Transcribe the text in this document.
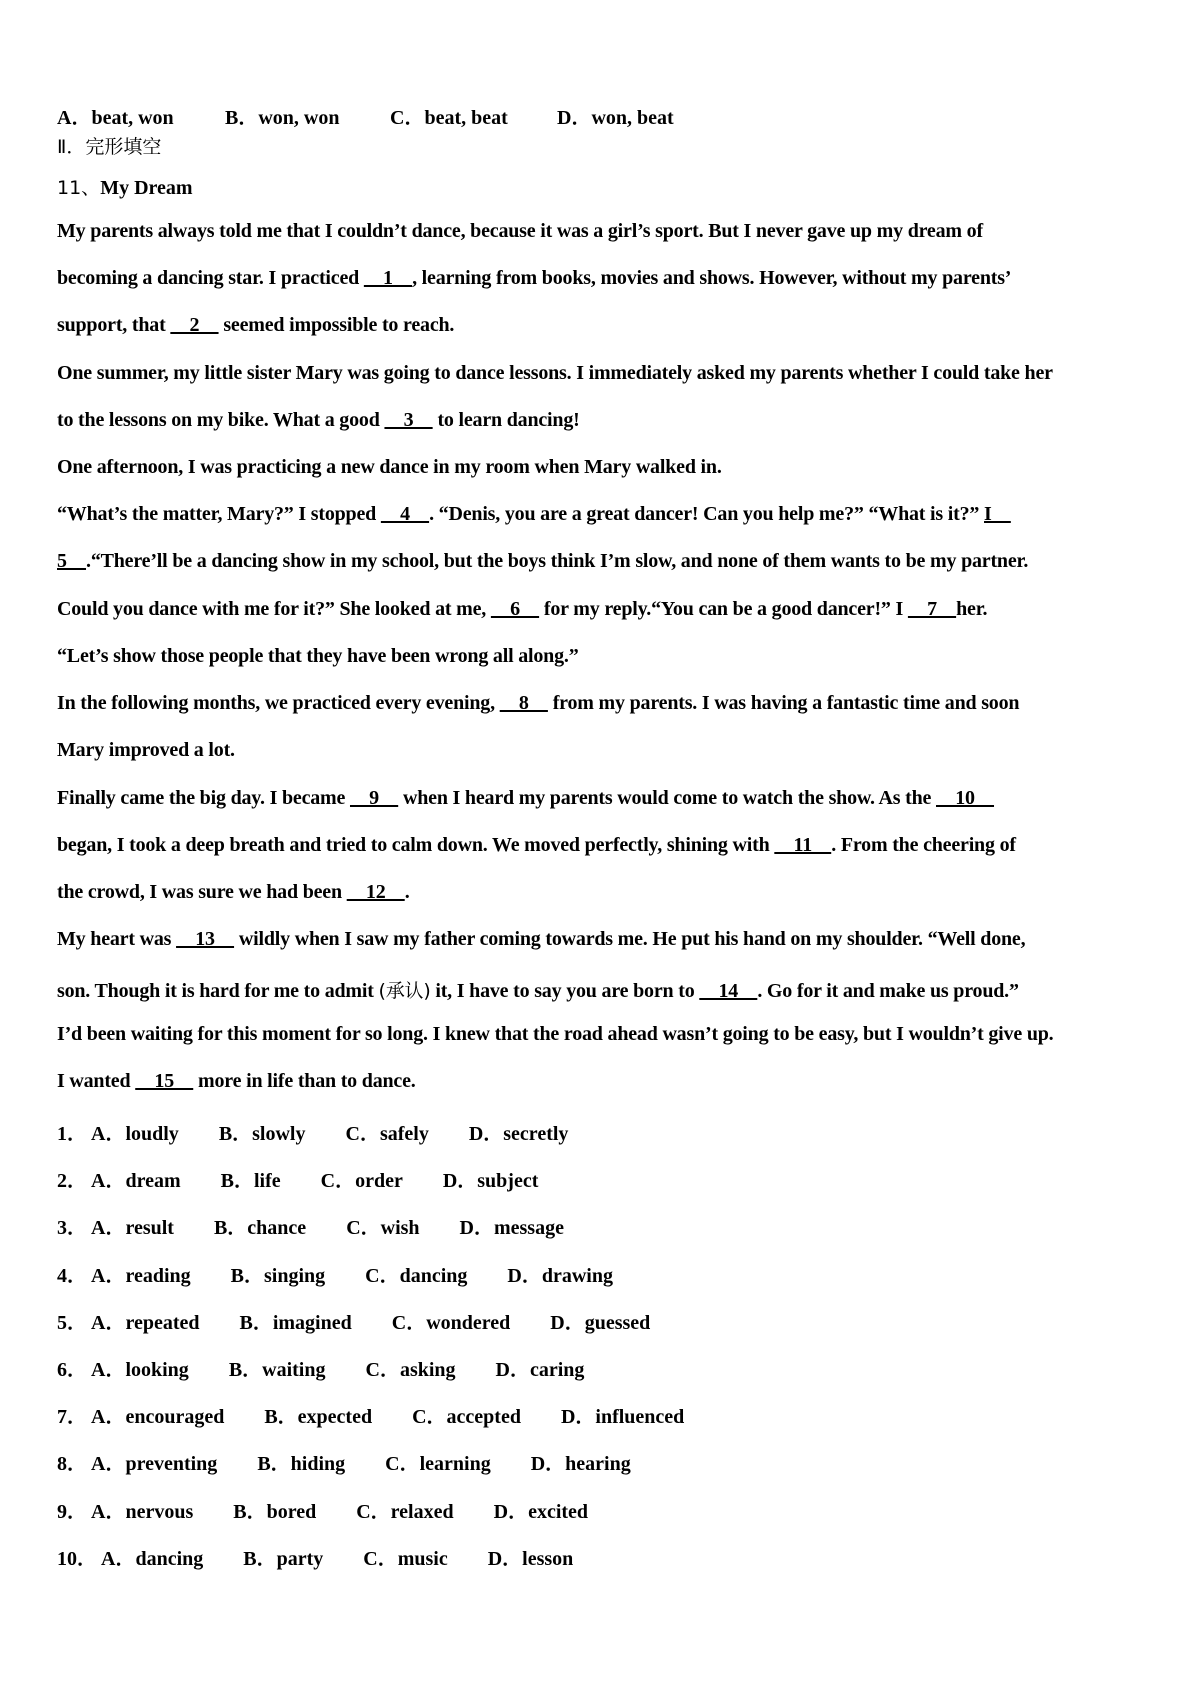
A．beat, won	B．won, won	C．beat, beat D．won, beat
Ⅱ．完形填空
11、My Dream
My parents always told me that I couldn’t dance, because it was a girl’s sport. But I never gave up my dream of
becoming a dancing star. I practiced     1    , learning from books, movies and shows. However, without my parents’
support, that     2     seemed impossible to reach.
One summer, my little sister Mary was going to dance lessons. I immediately asked my parents whether I could take her
to the lessons on my bike. What a good     3     to learn dancing!
One afternoon, I was practicing a new dance in my room when Mary walked in.
“What’s the matter, Mary?” I stopped     4    . “Denis, you are a great dancer! Can you help me?” “What is it?” I
5    .“There’ll be a dancing show in my school, but the boys think I’m slow, and none of them wants to be my partner.
Could you dance with me for it?” She looked at me,     6     for my reply.“You can be a good dancer!” I     7    her.
“Let’s show those people that they have been wrong all along.”
In the following months, we practiced every evening,     8     from my parents. I was having a fantastic time and soon
Mary improved a lot.
Finally came the big day. I became     9     when I heard my parents would come to watch the show. As the     10
began, I took a deep breath and tried to calm down. We moved perfectly, shining with     11    . From the cheering of
the crowd, I was sure we had been     12    .
My heart was     13     wildly when I saw my father coming towards me. He put his hand on my shoulder. “Well done,
son. Though it is hard for me to admit (承认) it, I have to say you are born to     14    . Go for it and make us proud.”
I’d been waiting for this moment for so long. I knew that the road ahead wasn’t going to be easy, but I wouldn’t give up.
I wanted     15     more in life than to dance.
1． A．loudly B．slowly C．safely D．secretly
2． A．dream B．life C．order D．subject
3． A．result B．chance C．wish D．message
4． A．reading B．singing C．dancing D．drawing
5． A．repeated B．imagined C．wondered D．guessed
6． A．looking B．waiting C．asking D．caring
7． A．encouraged B．expected C．accepted D．influenced
8． A．preventing B．hiding C．learning D．hearing
9． A．nervous B．bored C．relaxed D．excited
10． A．dancing B．party C．music D．lesson
